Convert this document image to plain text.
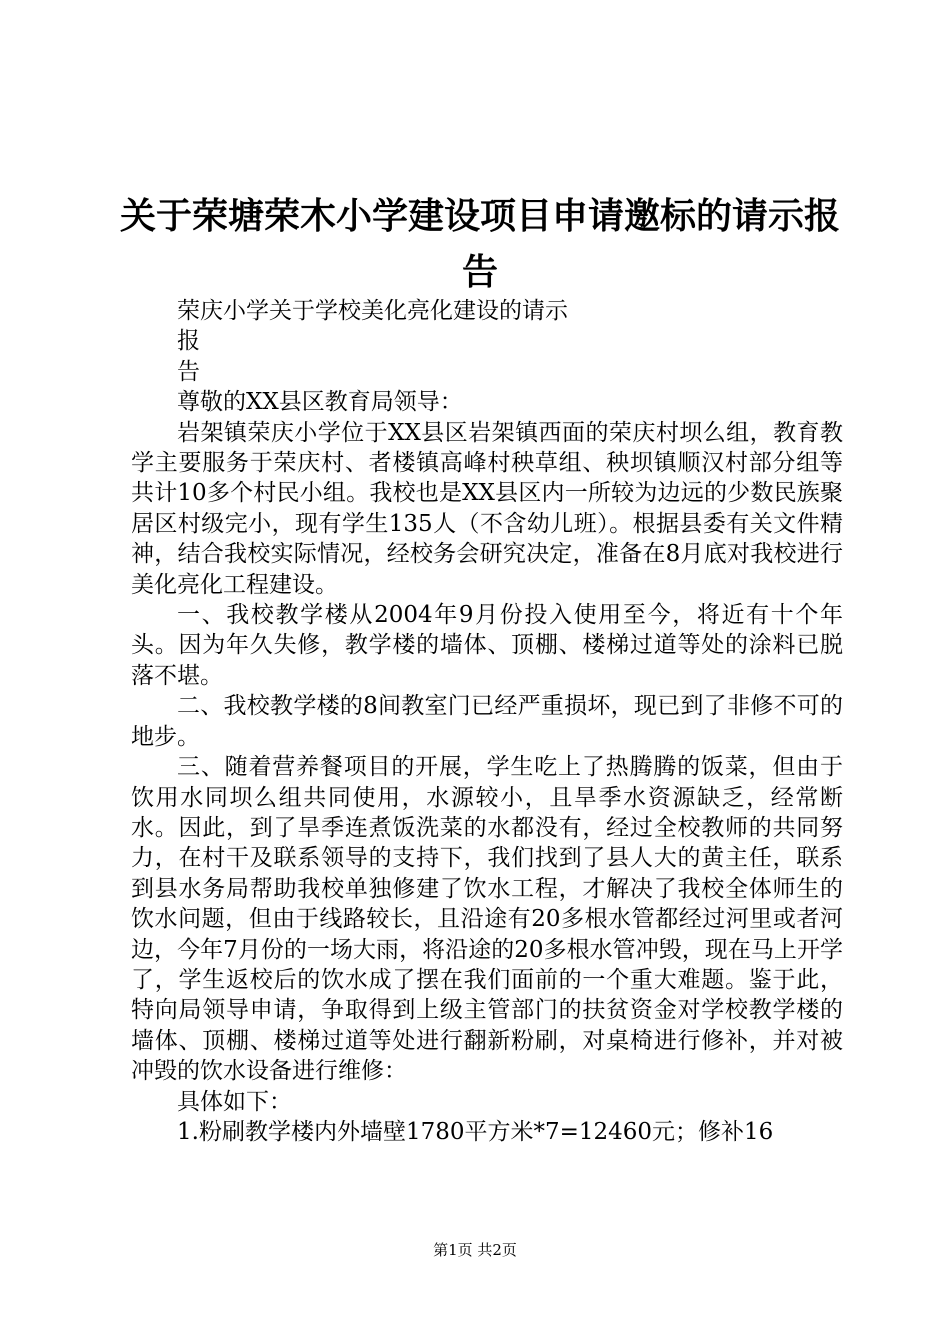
关于荣塘荣木小学建设项目申请邀标的请示报告

荣庆小学关于学校美化亮化建设的请示

报

告

尊敬的XX县区教育局领导：

岩架镇荣庆小学位于XX县区岩架镇西面的荣庆村坝么组，教育教学主要服务于荣庆村、者楼镇高峰村秧草组、秧坝镇顺汉村部分组等共计10多个村民小组。我校也是XX县区内一所较为边远的少数民族聚居区村级完小，现有学生135人（不含幼儿班）。根据县委有关文件精神，结合我校实际情况，经校务会研究决定，准备在8月底对我校进行美化亮化工程建设。

一、我校教学楼从2004年9月份投入使用至今，将近有十个年头。因为年久失修，教学楼的墙体、顶棚、楼梯过道等处的涂料已脱落不堪。

二、我校教学楼的8间教室门已经严重损坏，现已到了非修不可的地步。

三、随着营养餐项目的开展，学生吃上了热腾腾的饭菜，但由于饮用水同坝么组共同使用，水源较小，且旱季水资源缺乏，经常断水。因此，到了旱季连煮饭洗菜的水都没有，经过全校教师的共同努力，在村干及联系领导的支持下，我们找到了县人大的黄主任，联系到县水务局帮助我校单独修建了饮水工程，才解决了我校全体师生的饮水问题，但由于线路较长，且沿途有20多根水管都经过河里或者河边，今年7月份的一场大雨，将沿途的20多根水管冲毁，现在马上开学了，学生返校后的饮水成了摆在我们面前的一个重大难题。鉴于此，特向局领导申请，争取得到上级主管部门的扶贫资金对学校教学楼的墙体、顶棚、楼梯过道等处进行翻新粉刷，对桌椅进行修补，并对被冲毁的饮水设备进行维修：

具体如下：

1.粉刷教学楼内外墙壁1780平方米*7=12460元；修补16

第1页 共2页
